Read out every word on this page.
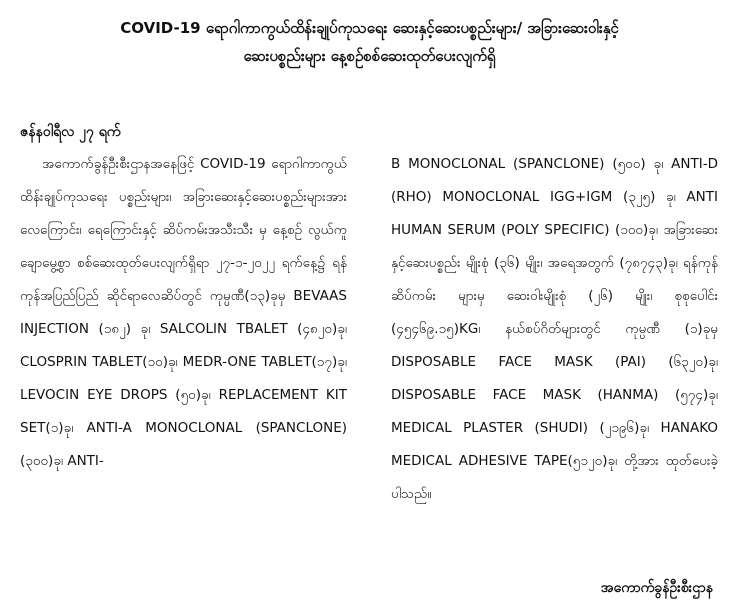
COVID-19 ရောဂါကာကွယ်ထိန်းချုပ်ကုသရေး ဆေးနှင့်ဆေးပစ္စည်းများ/ အခြားဆေးဝါးနှင့်
ဆေးပစ္စည်းများ နေ့စဉ်စစ်ဆေးထုတ်ပေးလျက်ရှိ
ဇန်နဝါရီလ ၂၇ ရက်
အကောက်ခွန်ဦးစီးဌာနအနေဖြင့် COVID-19 ရောဂါကာကွယ် ထိန်းချုပ်ကုသရေး ပစ္စည်းများ၊ အခြားဆေးနှင့်ဆေးပစ္စည်းများအား လေကြောင်း၊ ရေကြောင်းနှင့် ဆိပ်ကမ်းအသီးသီး မှ နေ့စဉ် လွယ်ကူချောမွေ့စွာ စစ်ဆေးထုတ်ပေးလျက်ရှိရာ ၂၇-၁-၂၀၂၂ ရက်နေ့၌ ရန်ကုန်အပြည်ပြည် ဆိုင်ရာလေဆိပ်တွင် ကုမ္ပဏီ(၁၃)ခုမှ BEVAAS INJECTION (၁၈၂) ခု၊ SALCOLIN TBALET (၄၈၂၀)ခု၊ CLOSPRIN TABLET(၁၀)ခု၊ MEDR-ONE TABLET(၁၇)ခု၊ LEVOCIN EYE DROPS (၅၀)ခု၊ REPLACEMENT KIT SET(၁)ခု၊ ANTI-A MONOCLONAL (SPANCLONE) (၃၀၀)ခု၊ ANTI-
B MONOCLONAL (SPANCLONE) (၅၀၀) ခု၊ ANTI-D (RHO) MONOCLONAL IGG+IGM (၃၂၅) ခု၊ ANTI HUMAN SERUM (POLY SPECIFIC) (၁၀၀)ခု၊ အခြားဆေးနှင့်ဆေးပစ္စည်း မျိုးစုံ (၃၆) မျိုး၊ အရေအတွက် (၇၈၇၄၃)ခု၊ ရန်ကုန်ဆိပ်ကမ်း များမှ ဆေးဝါးမျိုးစုံ (၂၆) မျိုး၊ စုစုပေါင်း (၄၅၄၆၉.၁၅)KG၊ နယ်စပ်ဂိတ်များတွင် ကုမ္ပဏီ (၁)ခုမှ DISPOSABLE FACE MASK (PAI) (၆၃၂၀)ခု၊ DISPOSABLE FACE MASK (HANMA) (၅၇၄)ခု၊ MEDICAL PLASTER (SHUDI) (၂၁၉၆)ခု၊ HANAKO MEDICAL ADHESIVE TAPE(၅၁၂၀)ခု၊ တို့အား ထုတ်ပေးခဲ့ပါသည်။
အကောက်ခွန်ဦးစီးဌာန
